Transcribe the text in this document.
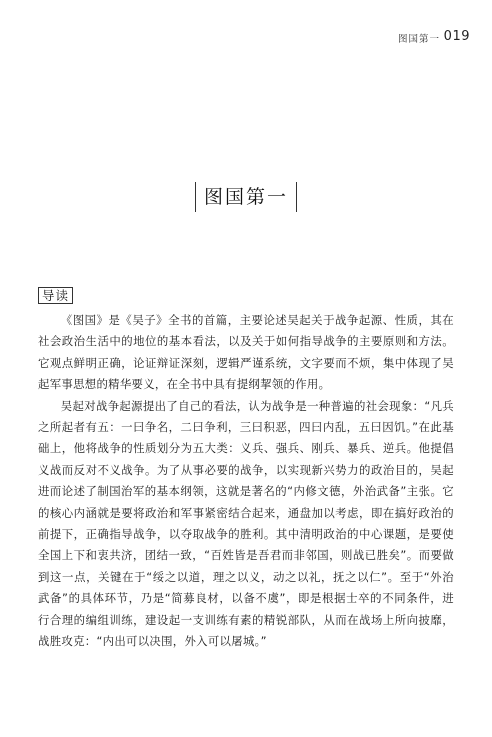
图国第一 019
图国第一
导读

《图国》是《吴子》全书的首篇，主要论述吴起关于战争起源、性质，其在社会政治生活中的地位的基本看法，以及关于如何指导战争的主要原则和方法。它观点鲜明正确，论证辩证深刻，逻辑严谨系统，文字要而不烦，集中体现了吴起军事思想的精华要义，在全书中具有提纲挈领的作用。

吴起对战争起源提出了自己的看法，认为战争是一种普遍的社会现象：“凡兵之所起者有五：一曰争名，二曰争利，三曰积恶，四曰内乱，五曰因饥。”在此基础上，他将战争的性质划分为五大类：义兵、强兵、刚兵、暴兵、逆兵。他提倡义战而反对不义战争。为了从事必要的战争，以实现新兴势力的政治目的，吴起进而论述了制国治军的基本纲领，这就是著名的“内修文德，外治武备”主张。它的核心内涵就是要将政治和军事紧密结合起来，通盘加以考虑，即在搞好政治的前提下，正确指导战争，以夺取战争的胜利。其中清明政治的中心课题，是要使全国上下和衷共济，团结一致，“百姓皆是吾君而非邻国，则战已胜矣”。而要做到这一点，关键在于“绥之以道，理之以义，动之以礼，抚之以仁”。至于“外治武备”的具体环节，乃是“简募良材，以备不虞”，即是根据士卒的不同条件，进行合理的编组训练，建设起一支训练有素的精锐部队，从而在战场上所向披靡，战胜攻克：“内出可以决围，外入可以屠城。”
